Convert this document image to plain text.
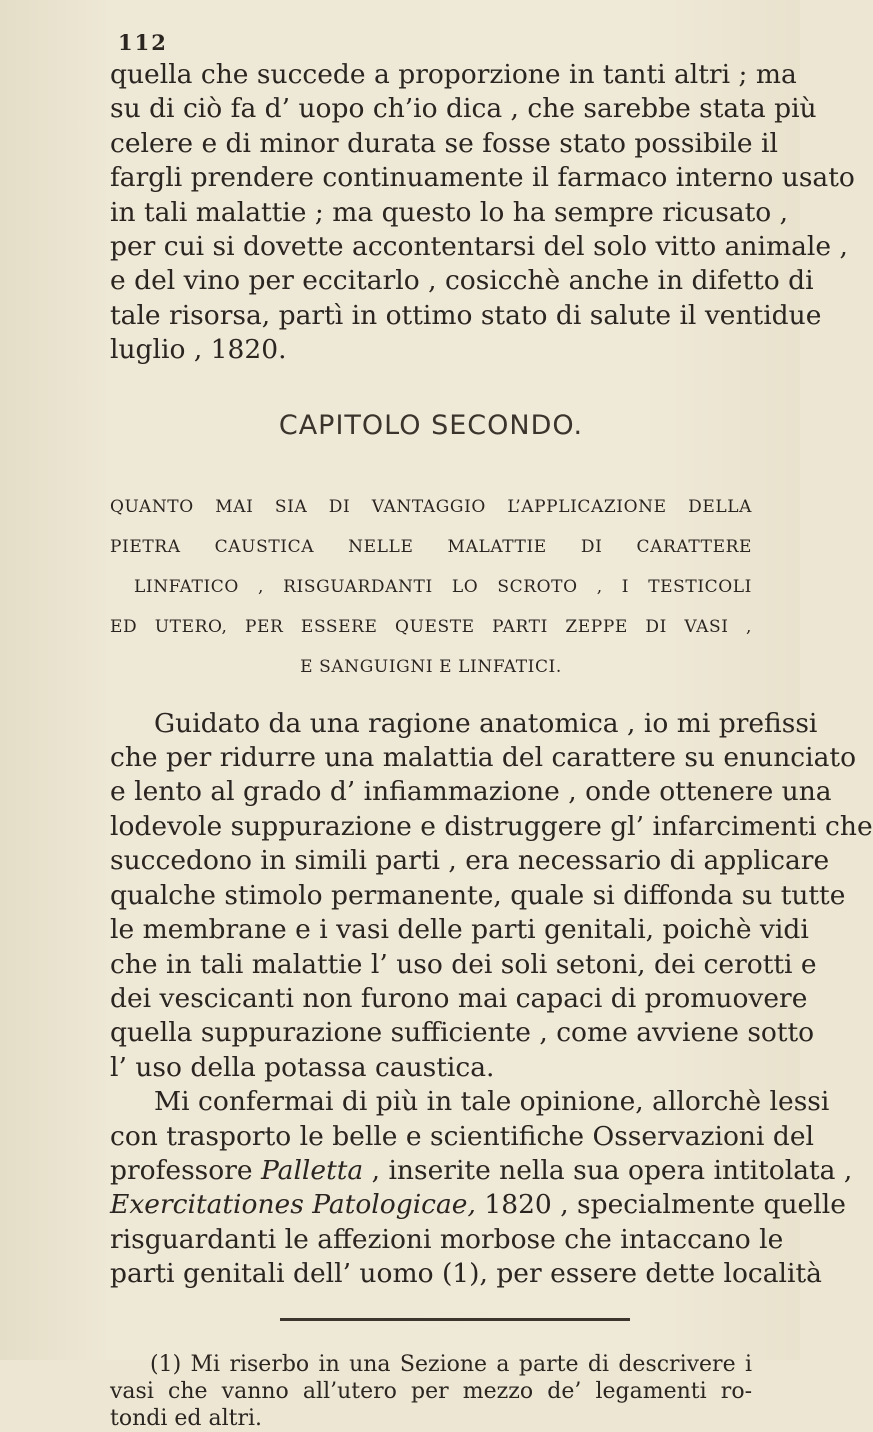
112
quella che succede a proporzione in tanti altri ; ma
su di ciò fa d’ uopo ch’io dica , che sarebbe stata più
celere e di minor durata se fosse stato possibile il
fargli prendere continuamente il farmaco interno usato
in tali malattie ; ma questo lo ha sempre ricusato ,
per cui si dovette accontentarsi del solo vitto animale ,
e del vino per eccitarlo , cosicchè anche in difetto di
tale risorsa, partì in ottimo stato di salute il ventidue
luglio , 1820.
CAPITOLO SECONDO.
QUANTO MAI SIA DI VANTAGGIO L’APPLICAZIONE DELLA
PIETRA CAUSTICA NELLE MALATTIE DI CARATTERE
LINFATICO , RISGUARDANTI LO SCROTO , I TESTICOLI
ED UTERO, PER ESSERE QUESTE PARTI ZEPPE DI VASI ,
E SANGUIGNI E LINFATICI.
Guidato da una ragione anatomica , io mi prefissi
che per ridurre una malattia del carattere su enunciato
e lento al grado d’ infiammazione , onde ottenere una
lodevole suppurazione e distruggere gl’ infarcimenti che
succedono in simili parti , era necessario di applicare
qualche stimolo permanente, quale si diffonda su tutte
le membrane e i vasi delle parti genitali, poichè vidi
che in tali malattie l’ uso dei soli setoni, dei cerotti e
dei vescicanti non furono mai capaci di promuovere
quella suppurazione sufficiente , come avviene sotto
l’ uso della potassa caustica.
Mi confermai di più in tale opinione, allorchè lessi
con trasporto le belle e scientifiche Osservazioni del
professore Palletta , inserite nella sua opera intitolata ,
Exercitationes Patologicae, 1820 , specialmente quelle
risguardanti le affezioni morbose che intaccano le
parti genitali dell’ uomo (1), per essere dette località
(1) Mi riserbo in una Sezione a parte di descrivere i
vasi che vanno all’utero per mezzo de’ legamenti ro-
tondi ed altri.
